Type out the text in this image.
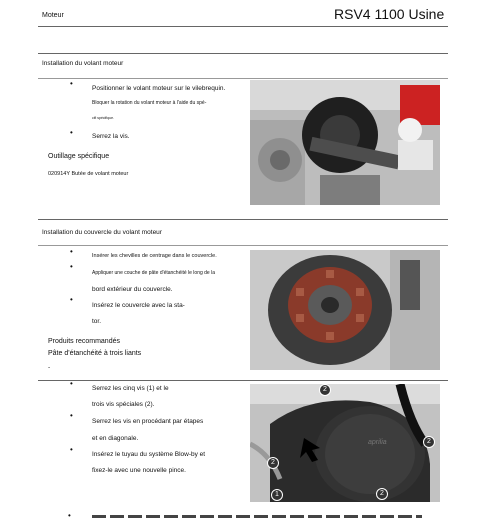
Moteur	RSV4 1100 Usine
Installation du volant moteur
•
Positionner le volant moteur sur le vilebrequin.
Bloquer la rotation du volant moteur à l'aide du spé-
cifi spécifique.
•	Serrez la vis.
Outillage spécifique
020914Y Butée de volant moteur
Installation du couvercle du volant moteur
•	Insérer les chevilles de centrage dans le couvercle.
•
Appliquer une couche de pâte d'étanchéité le long de la
bord extérieur du couvercle.
•
Insérez le couvercle avec la sta-
tor.
Produits recommandés
Pâte d'étanchéité à trois liants
-
•
Serrez les cinq vis (1) et le
trois vis spéciales (2).
•
Serrez les vis en procédant par étapes
et en diagonale.
•
Insérez le tuyau du système Blow-by et
fixez-le avec une nouvelle pince.
aprilia
2
2
2
1	2
•
